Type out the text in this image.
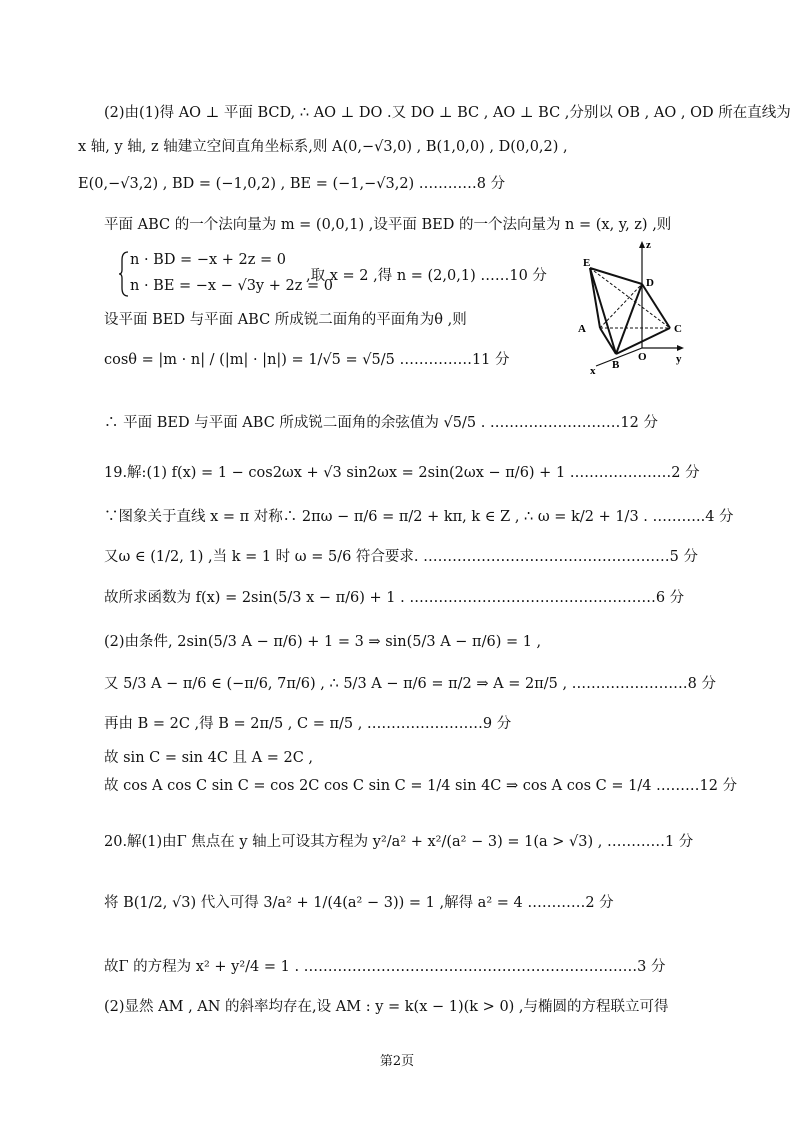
(2)由(1)得 AO ⊥ 平面 BCD, ∴ AO ⊥ DO .又 DO ⊥ BC , AO ⊥ BC ,分别以 OB , AO , OD 所在直线为
x 轴, y 轴, z 轴建立空间直角坐标系,则 A(0,−√3,0) , B(1,0,0) , D(0,0,2) ,
E(0,−√3,2) , BD = (−1,0,2) , BE = (−1,−√3,2) …………8 分
平面 ABC 的一个法向量为 m = (0,0,1) ,设平面 BED 的一个法向量为 n = (x, y, z) ,则
n · BD = −x + 2z = 0
n · BE = −x − √3y + 2z = 0
,取 x = 2 ,得 n = (2,0,1) ……10 分
设平面 BED 与平面 ABC 所成锐二面角的平面角为θ ,则
cosθ = |m · n| / (|m| · |n|) = 1/√5 = √5/5 ……………11 分
∴ 平面 BED 与平面 ABC 所成锐二面角的余弦值为 √5/5 . ………………………12 分
19.解:(1) f(x) = 1 − cos2ωx + √3 sin2ωx = 2sin(2ωx − π/6) + 1 …………………2 分
∵图象关于直线 x = π 对称∴ 2πω − π/6 = π/2 + kπ, k ∈ Z , ∴ ω = k/2 + 1/3 . ………..4 分
又ω ∈ (1/2, 1) ,当 k = 1 时 ω = 5/6 符合要求. ……………………………………………5 分
故所求函数为 f(x) = 2sin(5/3 x − π/6) + 1 . ……………………………………………6 分
(2)由条件, 2sin(5/3 A − π/6) + 1 = 3 ⇒ sin(5/3 A − π/6) = 1 ,
又 5/3 A − π/6 ∈ (−π/6, 7π/6) , ∴ 5/3 A − π/6 = π/2 ⇒ A = 2π/5 , ……………………8 分
再由 B = 2C ,得 B = 2π/5 , C = π/5 , ……………………9 分
故 sin C = sin 4C 且 A = 2C ,
故 cos A cos C sin C = cos 2C cos C sin C = 1/4 sin 4C ⇒ cos A cos C = 1/4 ………12 分
20.解(1)由Γ 焦点在 y 轴上可设其方程为 y²/a² + x²/(a² − 3) = 1(a > √3) , …………1 分
将 B(1/2, √3) 代入可得 3/a² + 1/(4(a² − 3)) = 1 ,解得 a² = 4 …………2 分
故Γ 的方程为 x² + y²/4 = 1 . ……………………………………………………………3 分
(2)显然 AM , AN 的斜率均存在,设 AM : y = k(x − 1)(k > 0) ,与椭圆的方程联立可得
E
D
A
B
O
C
x
y
z
第2页
